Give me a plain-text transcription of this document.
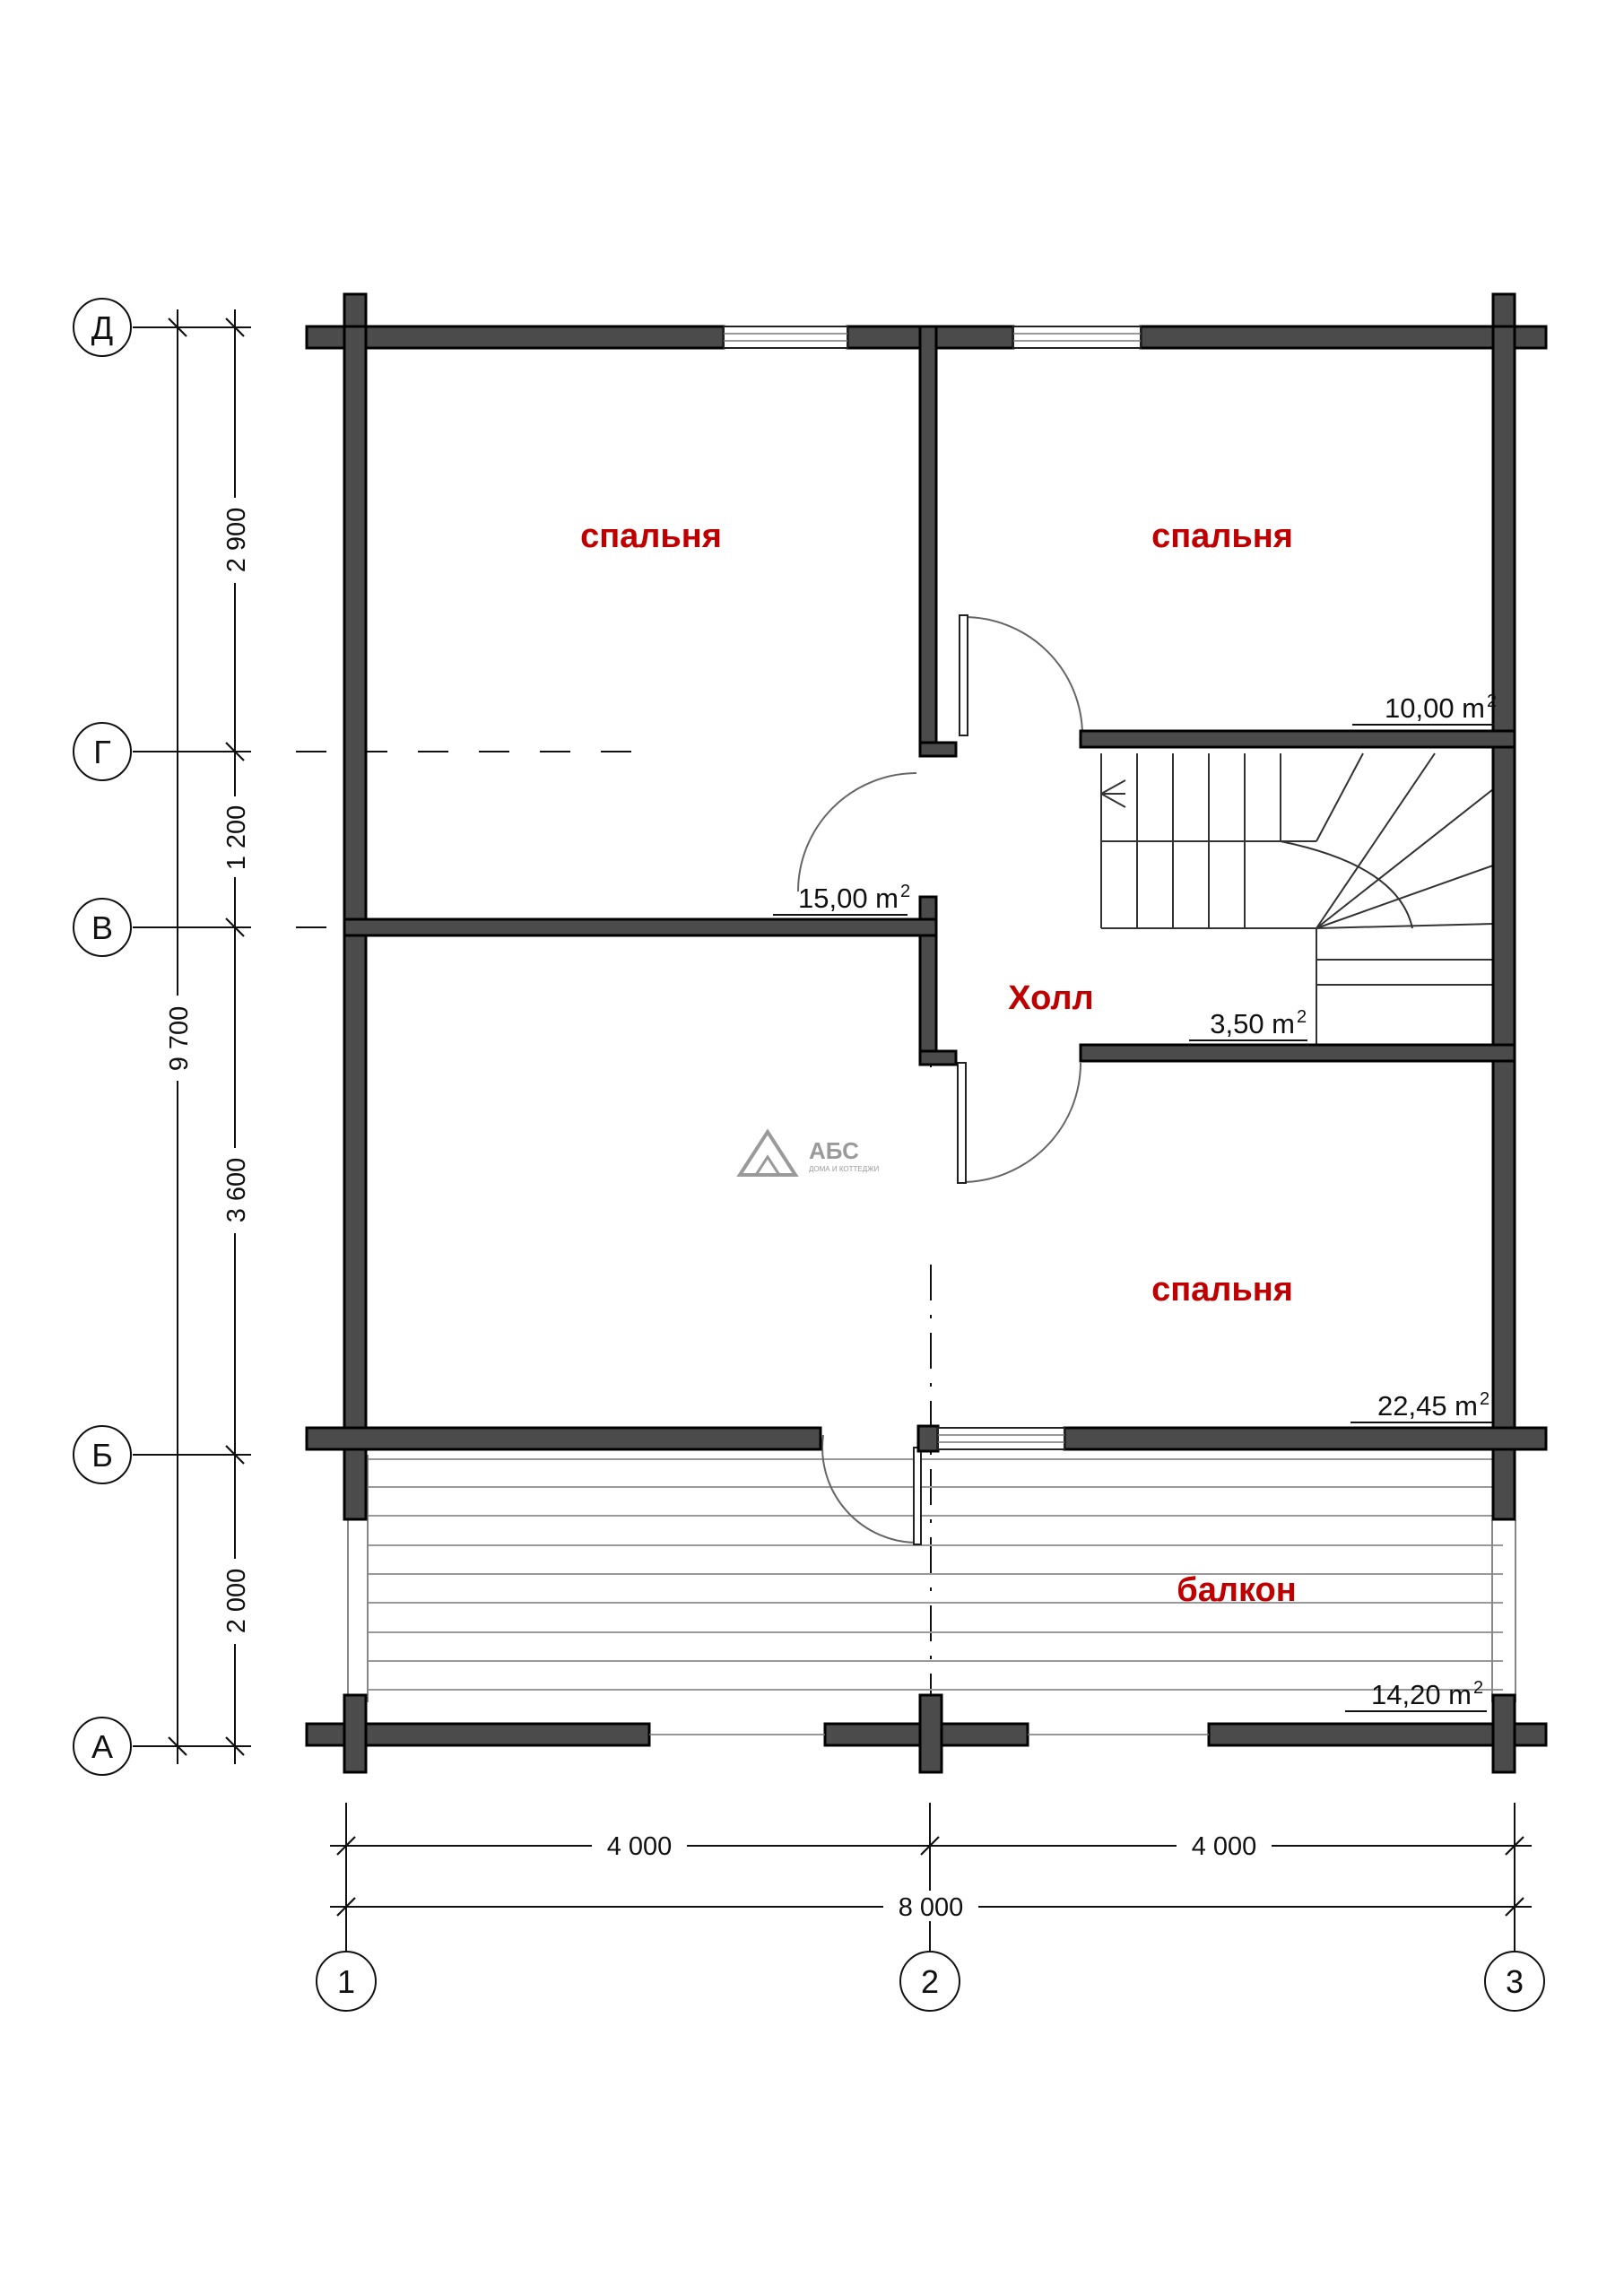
спальня	спальня
Холл
спальня
балкон
10,00 m 2
15,00 m 2
3,50 m 2
22,45 m 2
14,20 m 2
9 700
2 900
1 200
3 600
2 000
4 000	4 000
8 000
Д
Г
В
Б
А
1	2	3
АБС
ДОМА И КОТТЕДЖИ
